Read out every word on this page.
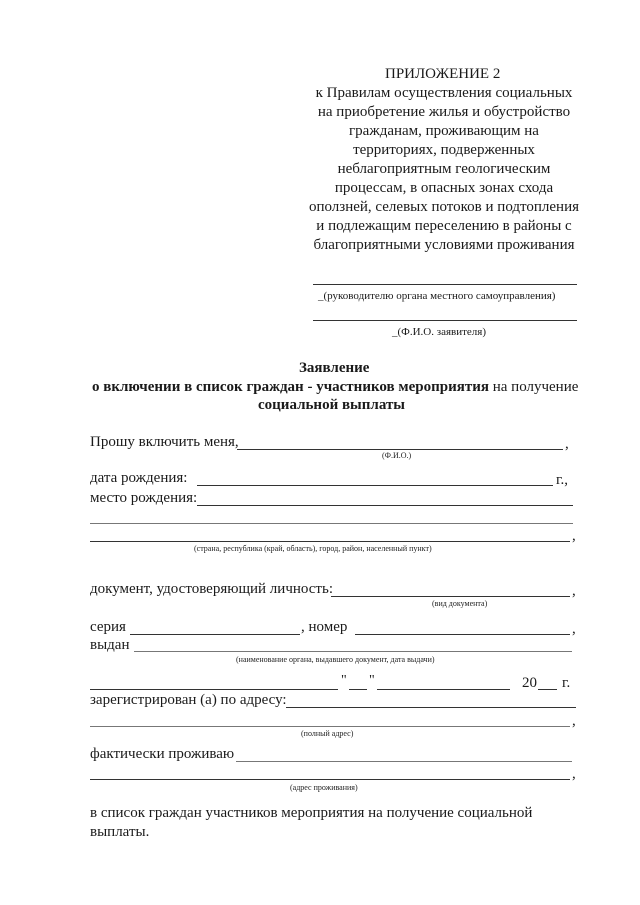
ПРИЛОЖЕНИЕ 2
к Правилам осуществления социальных
на приобретение жилья и обустройство
гражданам, проживающим на
территориях, подверженных
неблагоприятным геологическим
процессам, в опасных зонах схода
оползней, селевых потоков и подтопления
и подлежащим переселению в районы с
благоприятными условиями проживания
_(руководителю органа местного самоуправления)
_(Ф.И.О. заявителя)
Заявление
о включении в список граждан - участников мероприятия на получение
социальной выплаты
Прошу включить меня,	,
(Ф.И.О.)
дата рождения:	г.,
место рождения:
,
(страна, республика (край, область), город, район, населенный пункт)
документ, удостоверяющий личность:	,
(вид документа)
серия	, номер	,
выдан
(наименование органа, выдавшего документ, дата выдачи)
" "	20 г.
зарегистрирован (а) по адресу:
,
(полный адрес)
фактически проживаю
,
(адрес проживания)
в список граждан участников мероприятия на получение социальной выплаты.
